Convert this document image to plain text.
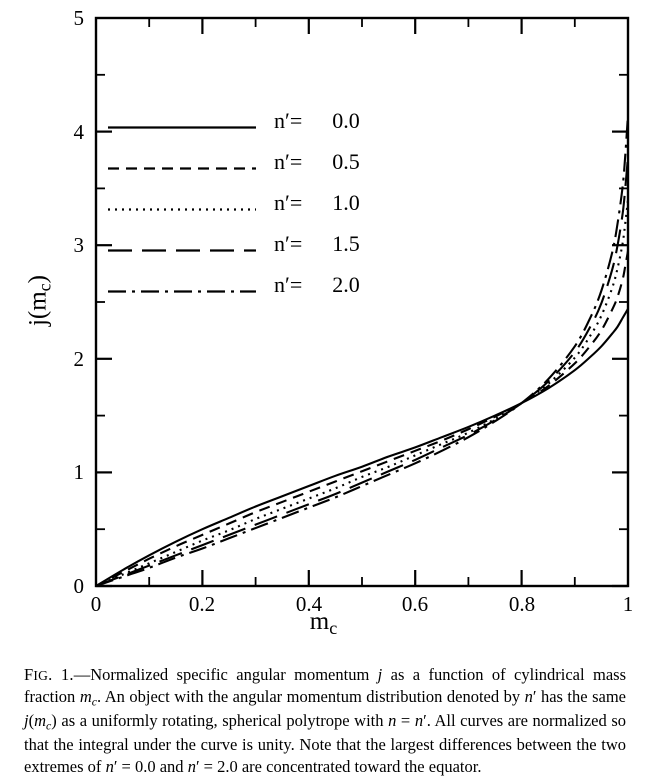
0
1
2
3
4
5
0	0.2	0.4	0.6	0.8	1
$j(m_c)$
$m_c$
n′= 0.0
n′= 0.5
n′= 1.0
n′= 1.5
n′= 2.0
FIG. 1.—Normalized specific angular momentum j as a function of cylindrical mass fraction $m_c$. An object with the angular momentum distribution denoted by n′ has the same $j(m_c)$ as a uniformly rotating, spherical polytrope with n = n′. All curves are normalized so that the integral under the curve is unity. Note that the largest differences between the two extremes of n′ = 0.0 and n′ = 2.0 are concentrated toward the equator.
